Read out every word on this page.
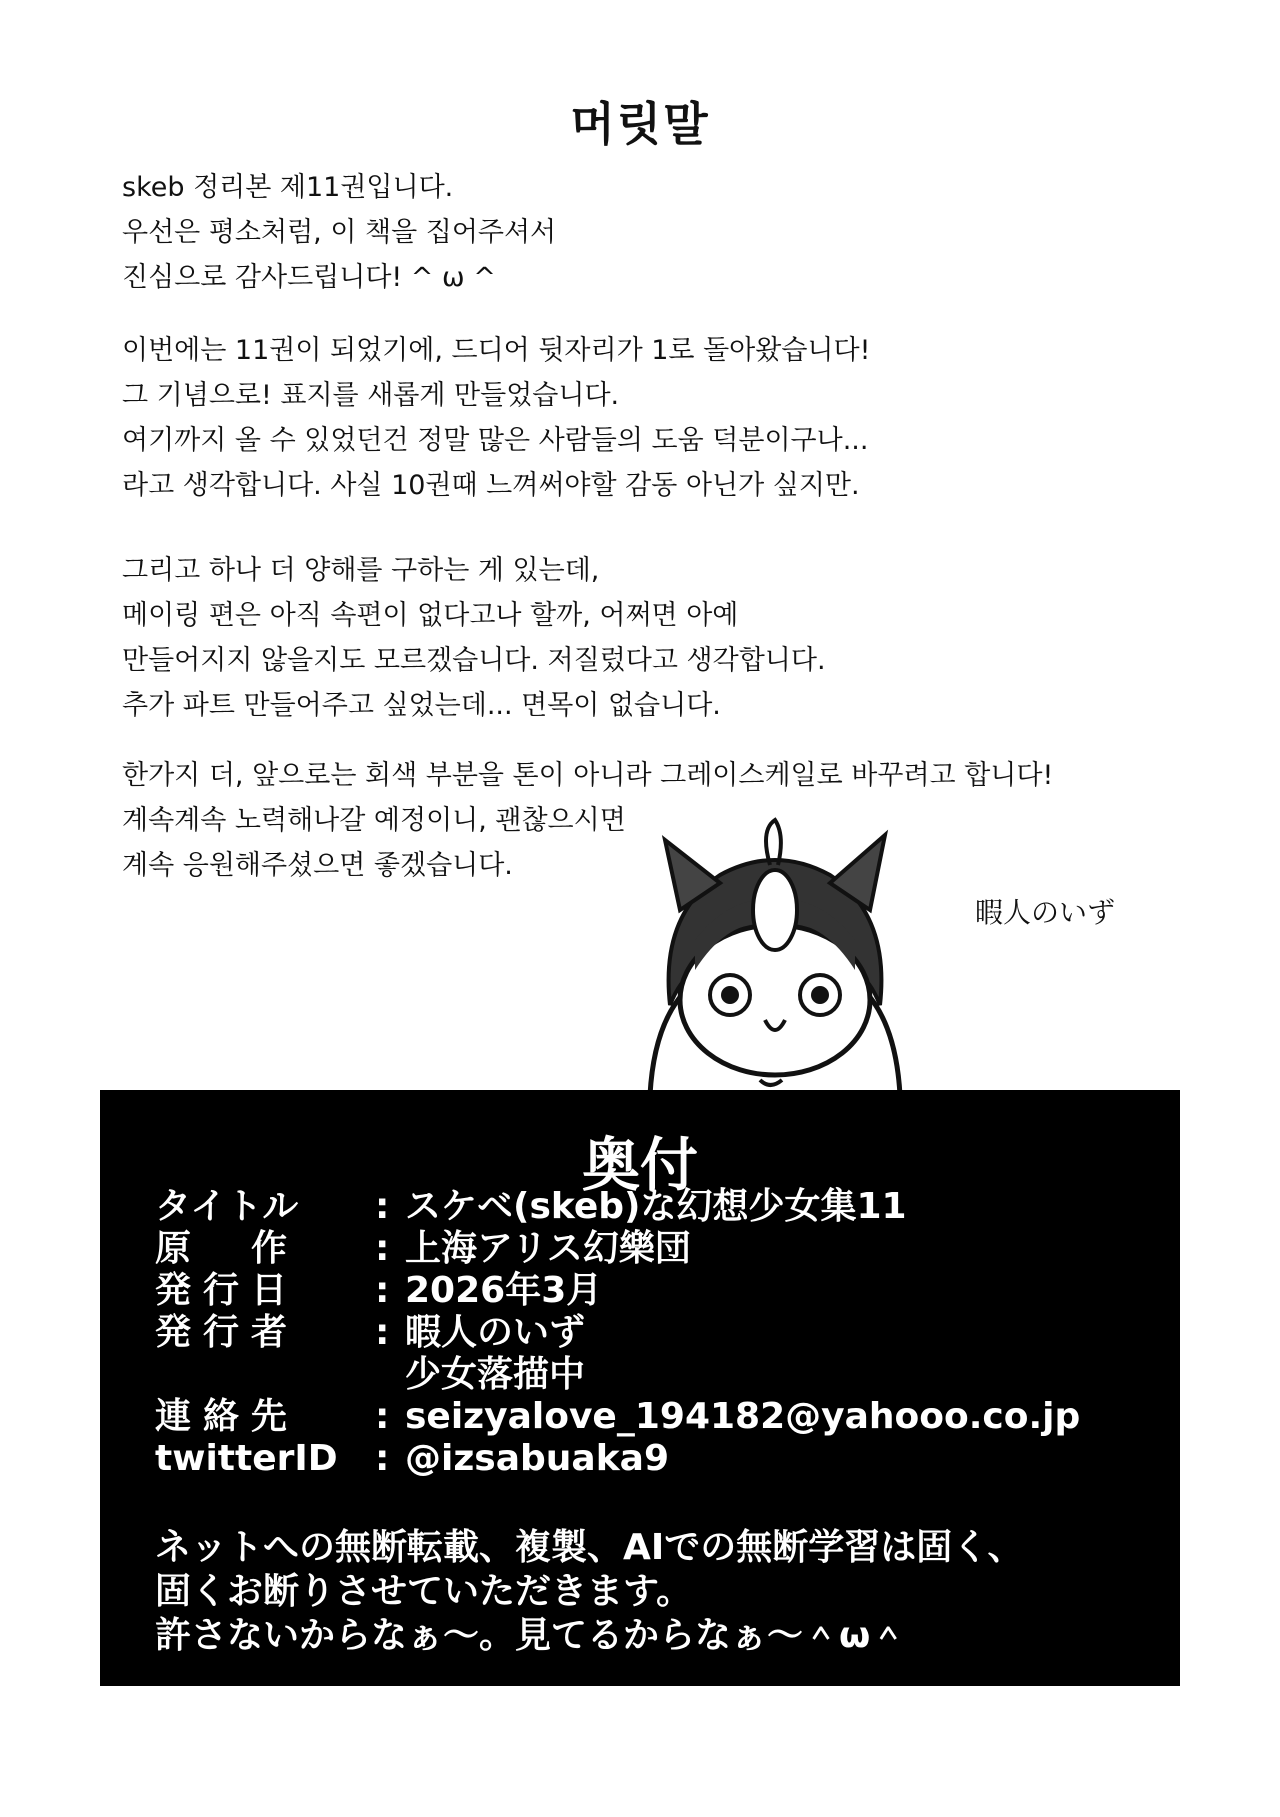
머릿말
skeb 정리본 제11권입니다.
우선은 평소처럼, 이 책을 집어주셔서
진심으로 감사드립니다! ^ ω ^
이번에는 11권이 되었기에, 드디어 뒷자리가 1로 돌아왔습니다!
그 기념으로! 표지를 새롭게 만들었습니다.
여기까지 올 수 있었던건 정말 많은 사람들의 도움 덕분이구나...
라고 생각합니다. 사실 10권때 느껴써야할 감동 아닌가 싶지만.
그리고 하나 더 양해를 구하는 게 있는데,
메이링 편은 아직 속편이 없다고나 할까, 어쩌면 아예
만들어지지 않을지도 모르겠습니다. 저질렀다고 생각합니다.
추가 파트 만들어주고 싶었는데... 면목이 없습니다.
한가지 더, 앞으로는 회색 부분을 톤이 아니라 그레이스케일로 바꾸려고 합니다!
계속계속 노력해나갈 예정이니, 괜찮으시면
계속 응원해주셨으면 좋겠습니다.
暇人のいず
奥付
タイトル	: スケベ(skeb)な幻想少女集11
原　作	: 上海アリス幻樂団
発行日	: 2026年3月
発行者	: 暇人のいず
少女落描中
連絡先	: seizyalove_194182@yahooo.co.jp
twitterID	: @izsabuaka9
ネットへの無断転載、複製、AIでの無断学習は固く、
固くお断りさせていただきます。
許さないからなぁ～。見てるからなぁ～＾ω＾
